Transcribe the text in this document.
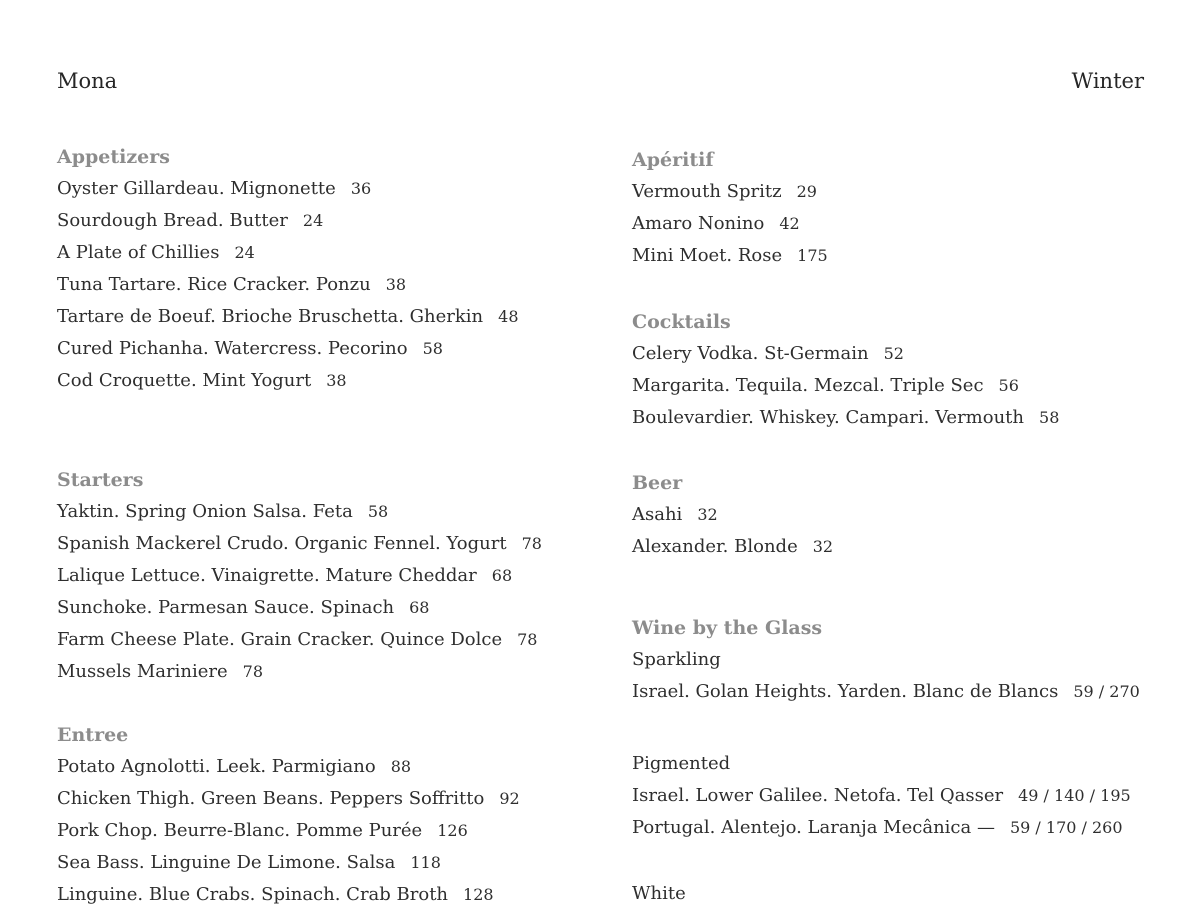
Mona	Winter
Appetizers

Oyster Gillardeau. Mignonette 36

Sourdough Bread. Butter 24

A Plate of Chillies 24

Tuna Tartare. Rice Cracker. Ponzu 38

Tartare de Boeuf. Brioche Bruschetta. Gherkin 48

Cured Pichanha. Watercress. Pecorino 58

Cod Croquette. Mint Yogurt 38

Starters

Yaktin. Spring Onion Salsa. Feta 58

Spanish Mackerel Crudo. Organic Fennel. Yogurt 78

Lalique Lettuce. Vinaigrette. Mature Cheddar 68

Sunchoke. Parmesan Sauce. Spinach 68

Farm Cheese Plate. Grain Cracker. Quince Dolce 78

Mussels Mariniere 78

Entree

Potato Agnolotti. Leek. Parmigiano 88

Chicken Thigh. Green Beans. Peppers Soffritto 92

Pork Chop. Beurre-Blanc. Pomme Purée 126

Sea Bass. Linguine De Limone. Salsa 118

Linguine. Blue Crabs. Spinach. Crab Broth 128

Apéritif

Vermouth Spritz 29

Amaro Nonino 42

Mini Moet. Rose 175

Cocktails

Celery Vodka. St-Germain 52

Margarita. Tequila. Mezcal. Triple Sec 56

Boulevardier. Whiskey. Campari. Vermouth 58

Beer

Asahi 32

Alexander. Blonde 32

Wine by the Glass

Sparkling

Israel. Golan Heights. Yarden. Blanc de Blancs 59 / 270

Pigmented

Israel. Lower Galilee. Netofa. Tel Qasser 49 / 140 / 195

Portugal. Alentejo. Laranja Mecânica — 59 / 170 / 260

White
